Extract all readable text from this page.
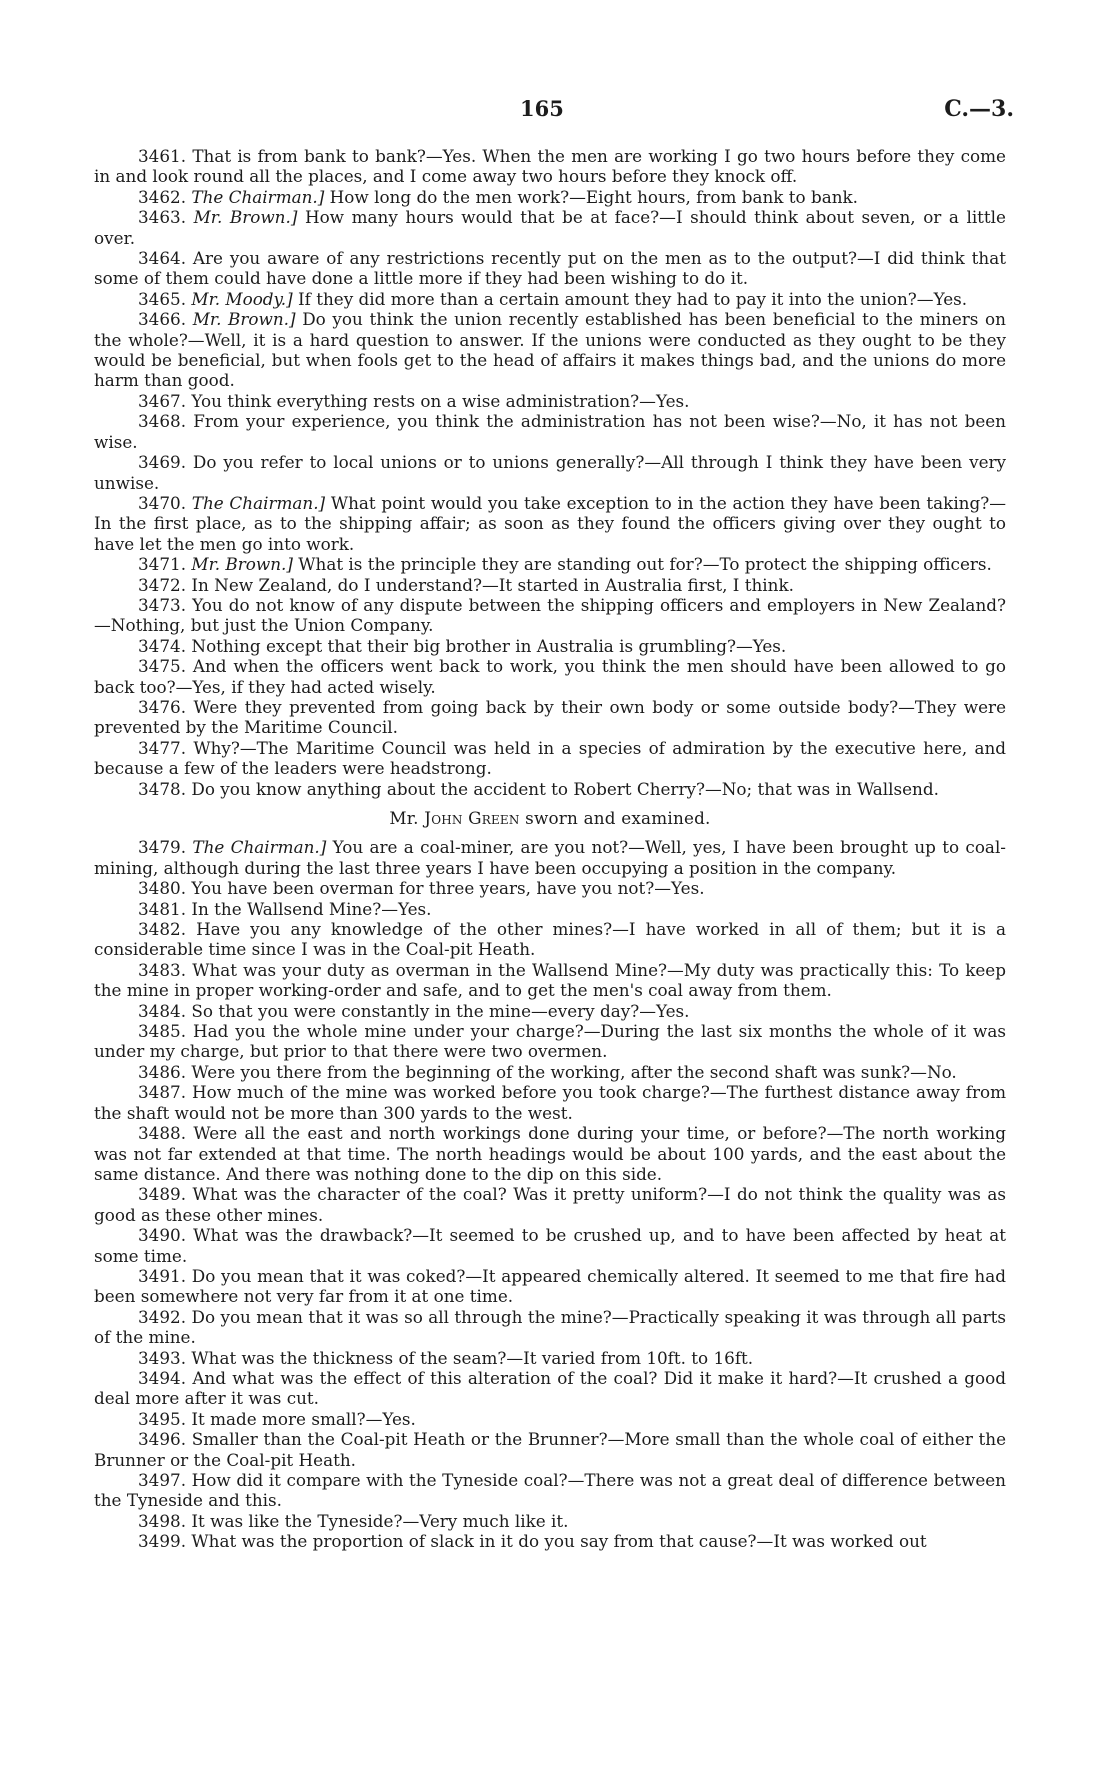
165	C.—3.

3461. That is from bank to bank?—Yes. When the men are working I go two hours before they come in and look round all the places, and I come away two hours before they knock off.

3462. The Chairman.] How long do the men work?—Eight hours, from bank to bank.

3463. Mr. Brown.] How many hours would that be at face?—I should think about seven, or a little over.

3464. Are you aware of any restrictions recently put on the men as to the output?—I did think that some of them could have done a little more if they had been wishing to do it.

3465. Mr. Moody.] If they did more than a certain amount they had to pay it into the union?—Yes.

3466. Mr. Brown.] Do you think the union recently established has been beneficial to the miners on the whole?—Well, it is a hard question to answer. If the unions were conducted as they ought to be they would be beneficial, but when fools get to the head of affairs it makes things bad, and the unions do more harm than good.

3467. You think everything rests on a wise administration?—Yes.

3468. From your experience, you think the administration has not been wise?—No, it has not been wise.

3469. Do you refer to local unions or to unions generally?—All through I think they have been very unwise.

3470. The Chairman.] What point would you take exception to in the action they have been taking?—In the first place, as to the shipping affair; as soon as they found the officers giving over they ought to have let the men go into work.

3471. Mr. Brown.] What is the principle they are standing out for?—To protect the shipping officers.

3472. In New Zealand, do I understand?—It started in Australia first, I think.

3473. You do not know of any dispute between the shipping officers and employers in New Zealand?—Nothing, but just the Union Company.

3474. Nothing except that their big brother in Australia is grumbling?—Yes.

3475. And when the officers went back to work, you think the men should have been allowed to go back too?—Yes, if they had acted wisely.

3476. Were they prevented from going back by their own body or some outside body?—They were prevented by the Maritime Council.

3477. Why?—The Maritime Council was held in a species of admiration by the executive here, and because a few of the leaders were headstrong.

3478. Do you know anything about the accident to Robert Cherry?—No; that was in Wallsend.

Mr. John Green sworn and examined.

3479. The Chairman.] You are a coal-miner, are you not?—Well, yes, I have been brought up to coal-mining, although during the last three years I have been occupying a position in the company.

3480. You have been overman for three years, have you not?—Yes.

3481. In the Wallsend Mine?—Yes.

3482. Have you any knowledge of the other mines?—I have worked in all of them; but it is a considerable time since I was in the Coal-pit Heath.

3483. What was your duty as overman in the Wallsend Mine?—My duty was practically this: To keep the mine in proper working-order and safe, and to get the men's coal away from them.

3484. So that you were constantly in the mine—every day?—Yes.

3485. Had you the whole mine under your charge?—During the last six months the whole of it was under my charge, but prior to that there were two overmen.

3486. Were you there from the beginning of the working, after the second shaft was sunk?—No.

3487. How much of the mine was worked before you took charge?—The furthest distance away from the shaft would not be more than 300 yards to the west.

3488. Were all the east and north workings done during your time, or before?—The north working was not far extended at that time. The north headings would be about 100 yards, and the east about the same distance. And there was nothing done to the dip on this side.

3489. What was the character of the coal? Was it pretty uniform?—I do not think the quality was as good as these other mines.

3490. What was the drawback?—It seemed to be crushed up, and to have been affected by heat at some time.

3491. Do you mean that it was coked?—It appeared chemically altered. It seemed to me that fire had been somewhere not very far from it at one time.

3492. Do you mean that it was so all through the mine?—Practically speaking it was through all parts of the mine.

3493. What was the thickness of the seam?—It varied from 10ft. to 16ft.

3494. And what was the effect of this alteration of the coal? Did it make it hard?—It crushed a good deal more after it was cut.

3495. It made more small?—Yes.

3496. Smaller than the Coal-pit Heath or the Brunner?—More small than the whole coal of either the Brunner or the Coal-pit Heath.

3497. How did it compare with the Tyneside coal?—There was not a great deal of difference between the Tyneside and this.

3498. It was like the Tyneside?—Very much like it.

3499. What was the proportion of slack in it do you say from that cause?—It was worked out
